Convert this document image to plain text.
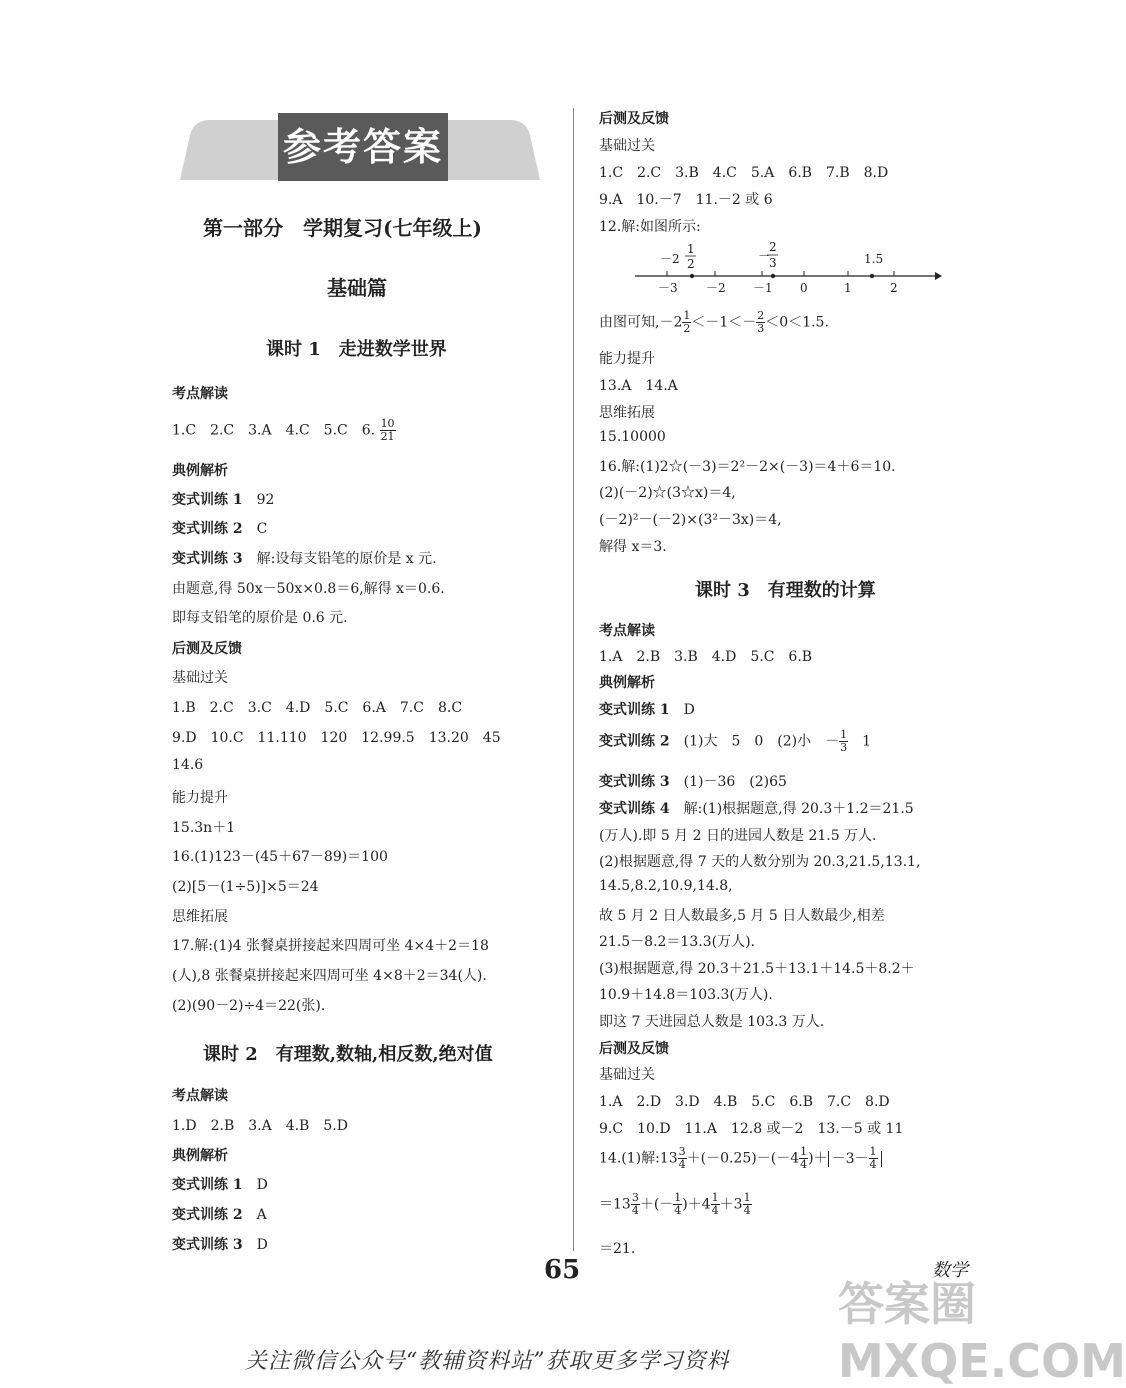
参考答案
第一部分　学期复习(七年级上)
基础篇
课时 1　走进数学世界
考点解读
1.C　2.C　3.A　4.C　5.C　6. $\frac{10}{21}$
典例解析
变式训练 1　 92
变式训练 2　 C
变式训练 3　 解:设每支铅笔的原价是 x 元.
由题意,得 50x－50x×0.8＝6,解得 x＝0.6.
即每支铅笔的原价是 0.6 元.
后测及反馈
基础过关
1.B　2.C　3.C　4.D　5.C　6.A　7.C　8.C
9.D　10.C　11.110　120　12.99.5　13.20　45
14.6
能力提升
15.3n＋1
16.(1)123－(45＋67－89)＝100
(2)[5－(1÷5)]×5＝24
思维拓展
17.解:(1)4 张餐桌拼接起来四周可坐 4×4＋2＝18
(人),8 张餐桌拼接起来四周可坐 4×8＋2＝34(人).
(2)(90－2)÷4＝22(张).
课时 2　有理数,数轴,相反数,绝对值
考点解读
1.D　2.B　3.A　4.B　5.D
典例解析
变式训练 1　 D
变式训练 2　 A
变式训练 3　 D
后测及反馈
基础过关
1.C　2.C　3.B　4.C　5.A　6.B　7.B　8.D
9.A　10.－7　11.－2 或 6
12.解:如图所示:
－2
1
2
－
2
3	1.5
－3 －2 －1 0	1	2
由图可知$,-2 \frac{1}{2} <-1<- \frac{2}{3} <0<1.5$.
能力提升
13.A　14.A
思维拓展
15.10000
16.解:(1)2☆(－3)＝2²－2×(－3)＝4＋6＝10.
(2)(－2)☆(3☆x)＝4,
(－2)²－(－2)×(3²－3x)＝4,
解得 x＝3.
课时 3　有理数的计算
考点解读
1.A　2.B　3.B　4.D　5.C　6.B
典例解析
变式训练 1　 D
变式训练 2　 (1)大　5　0　(2)小　－ $\frac{1}{3}$
　 1
变式训练 3　 (1)－36　(2)65
变式训练 4　 解:(1)根据题意,得 20.3＋1.2＝21.5
(万人).即 5 月 2 日的进园人数是 21.5 万人.
(2)根据题意,得 7 天的人数分别为 20.3,21.5,13.1,
14.5,8.2,10.9,14.8,
故 5 月 2 日人数最多,5 月 5 日人数最少,相差
21.5－8.2＝13.3(万人).
(3)根据题意,得 20.3＋21.5＋13.1＋14.5＋8.2＋
10.9＋14.8＝103.3(万人).
即这 7 天进园总人数是 103.3 万人.
后测及反馈
基础过关
1.A　2.D　3.D　4.B　5.C　6.B　7.C　8.D
9.C　10.D　11.A　12.8 或－2　13.－5 或 11
14.(1)解:13 $\frac{3}{4} +(-0.25)-(-4 \frac{1}{4}$ )＋ $-3- \frac{1}{4}$
$=13 \frac{3}{4}$ ＋(－ $\frac{1}{4} )+4 \frac{1}{4} +3 \frac{1}{4}$
＝21.
65	数学
答案圈 MXQE.COM
关注微信公众号“教辅资料站”获取更多学习资料
